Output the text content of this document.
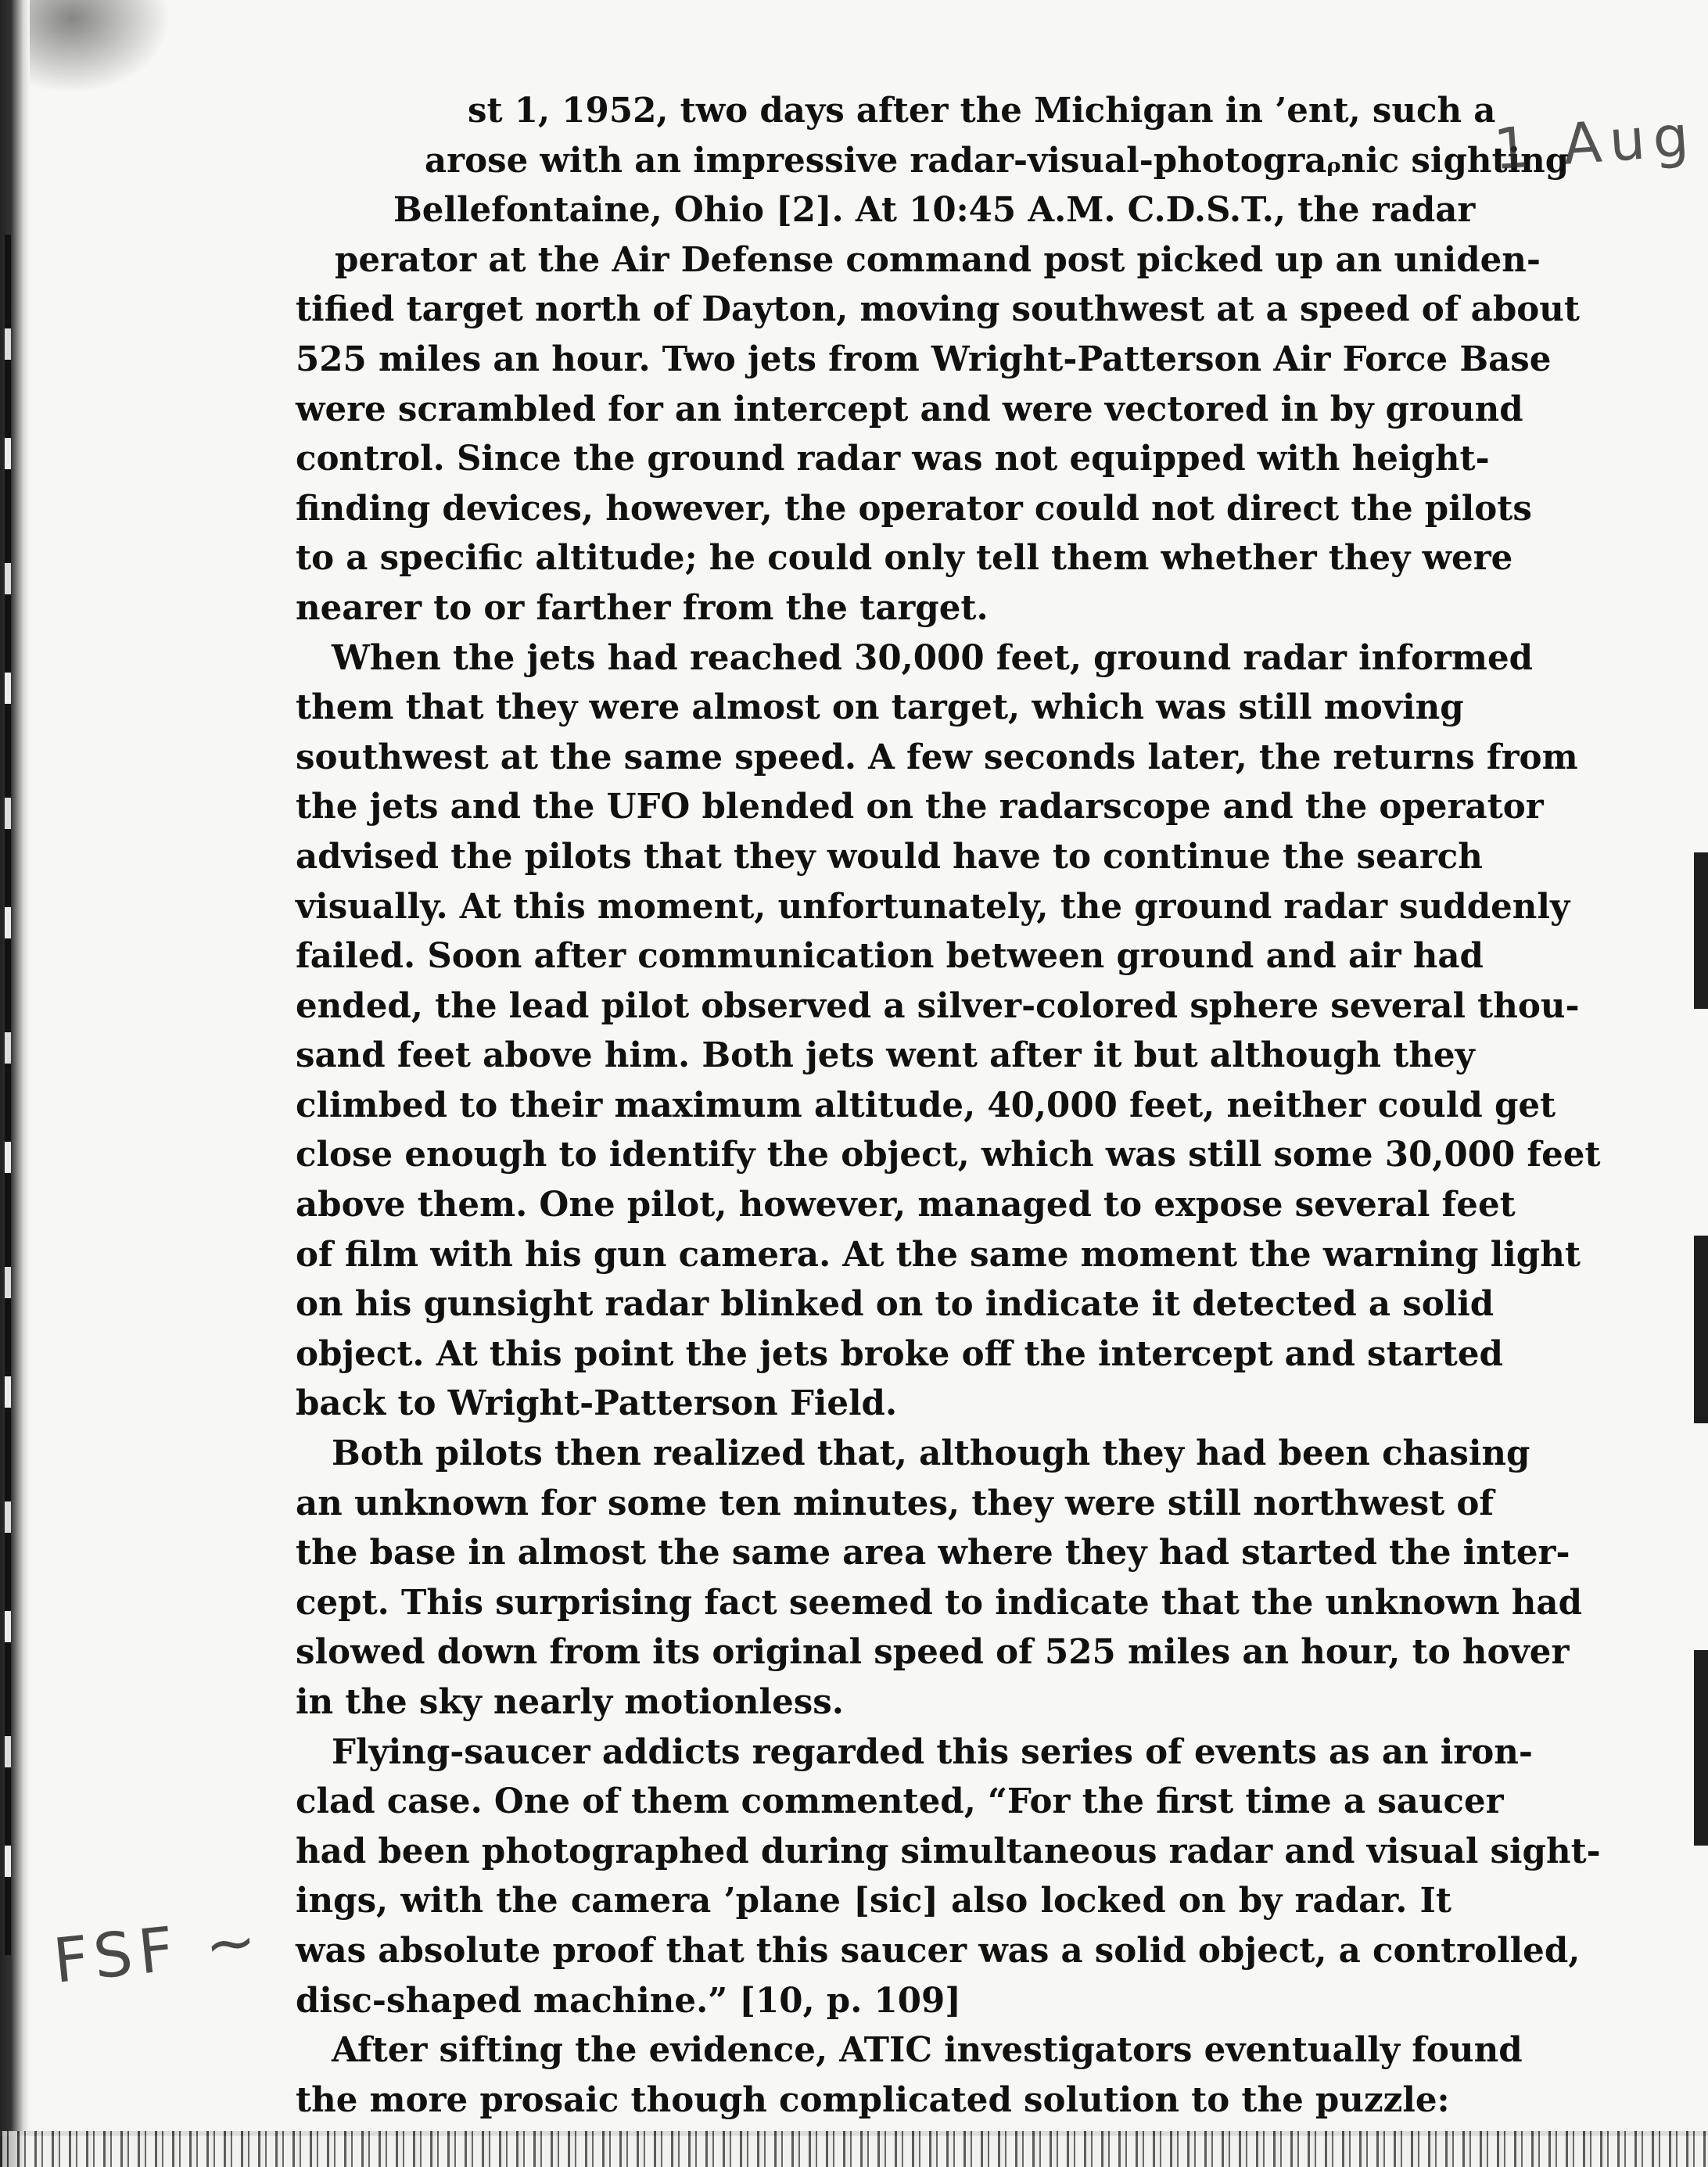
st 1, 1952, two days after the Michigan in ’ent, such a
arose with an impressive radar-visual-photograᵨnic sighting
Bellefontaine, Ohio [2]. At 10:45 A.M. C.D.S.T., the radar
perator at the Air Defense command post picked up an uniden-
tified target north of Dayton, moving southwest at a speed of about
525 miles an hour. Two jets from Wright-Patterson Air Force Base
were scrambled for an intercept and were vectored in by ground
control. Since the ground radar was not equipped with height-
finding devices, however, the operator could not direct the pilots
to a specific altitude; he could only tell them whether they were
nearer to or farther from the target.

When the jets had reached 30,000 feet, ground radar informed
them that they were almost on target, which was still moving
southwest at the same speed. A few seconds later, the returns from
the jets and the UFO blended on the radarscope and the operator
advised the pilots that they would have to continue the search
visually. At this moment, unfortunately, the ground radar suddenly
failed. Soon after communication between ground and air had
ended, the lead pilot observed a silver-colored sphere several thou-
sand feet above him. Both jets went after it but although they
climbed to their maximum altitude, 40,000 feet, neither could get
close enough to identify the object, which was still some 30,000 feet
above them. One pilot, however, managed to expose several feet
of film with his gun camera. At the same moment the warning light
on his gunsight radar blinked on to indicate it detected a solid
object. At this point the jets broke off the intercept and started
back to Wright-Patterson Field.

Both pilots then realized that, although they had been chasing
an unknown for some ten minutes, they were still northwest of
the base in almost the same area where they had started the inter-
cept. This surprising fact seemed to indicate that the unknown had
slowed down from its original speed of 525 miles an hour, to hover
in the sky nearly motionless.

Flying-saucer addicts regarded this series of events as an iron-
clad case. One of them commented, “For the first time a saucer
had been photographed during simultaneous radar and visual sight-
ings, with the camera ’plane [sic] also locked on by radar. It
was absolute proof that this saucer was a solid object, a controlled,
disc-shaped machine.” [10, p. 109]

After sifting the evidence, ATIC investigators eventually found
the more prosaic though complicated solution to the puzzle:

1 Aug
FSF ~
